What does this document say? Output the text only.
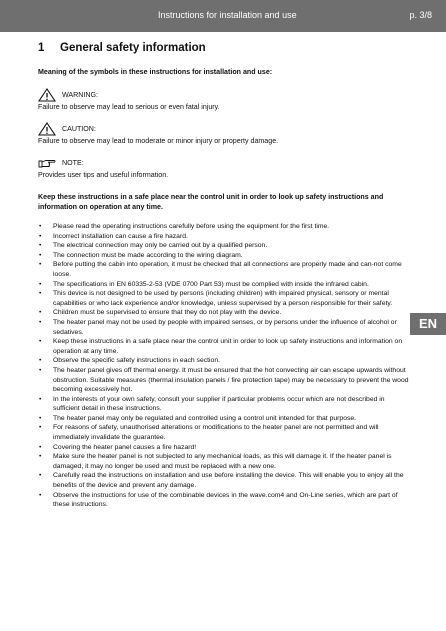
Instructions for installation and use	p. 3/8
1 General safety information
Meaning of the symbols in these instructions for installation and use:
WARNING:
Failure to observe may lead to serious or even fatal injury.
CAUTION:
Failure to observe may lead to moderate or minor injury or property damage.
NOTE:
Provides user tips and useful information.
Keep these instructions in a safe place near the control unit in order to look up safety instructions and information on operation at any time.
• Please read the operating instructions carefully before using the equipment for the first time.
• Incorrect installation can cause a fire hazard.
• The electrical connection may only be carried out by a qualified person.
• The connection must be made according to the wiring diagram.
• Before putting the cabin into operation, it must be checked that all connections are properly made and can-not come loose.
• The specifications in EN 60335-2-53 (VDE 0700 Part 53) must be complied with inside the infrared cabin.
• This device is not designed to be used by persons (including children) with impaired physical, sensory or mental capabilities or who lack experience and/or knowledge, unless supervised by a person responsible for their safety.
• Children must be supervised to ensure that they do not play with the device.
• The heater panel may not be used by people with impaired senses, or by persons under the influence of alcohol or sedatives.
• Keep these instructions in a safe place near the control unit in order to look up safety instructions and information on operation at any time.
• Observe the specific safety instructions in each section.
• The heater panel gives off thermal energy. It must be ensured that the hot convecting air can escape upwards without obstruction. Suitable measures (thermal insulation panels / fire protection tape) may be necessary to prevent the wood becoming excessively hot.
• In the interests of your own safety, consult your supplier if particular problems occur which are not described in sufficient detail in these instructions.
• The heater panel may only be regulated and controlled using a control unit intended for that purpose.
• For reasons of safety, unauthorised alterations or modifications to the heater panel are not permitted and will immediately invalidate the guarantee.
• Covering the heater panel causes a fire hazard!
• Make sure the heater panel is not subjected to any mechanical loads, as this will damage it. If the heater panel is damaged, it may no longer be used and must be replaced with a new one.
• Carefully read the instructions on installation and use before installing the device. This will enable you to enjoy all the benefits of the device and prevent any damage.
• Observe the instructions for use of the combinable devices in the wave.com4 and On-Line series, which are part of these instructions.
EN
